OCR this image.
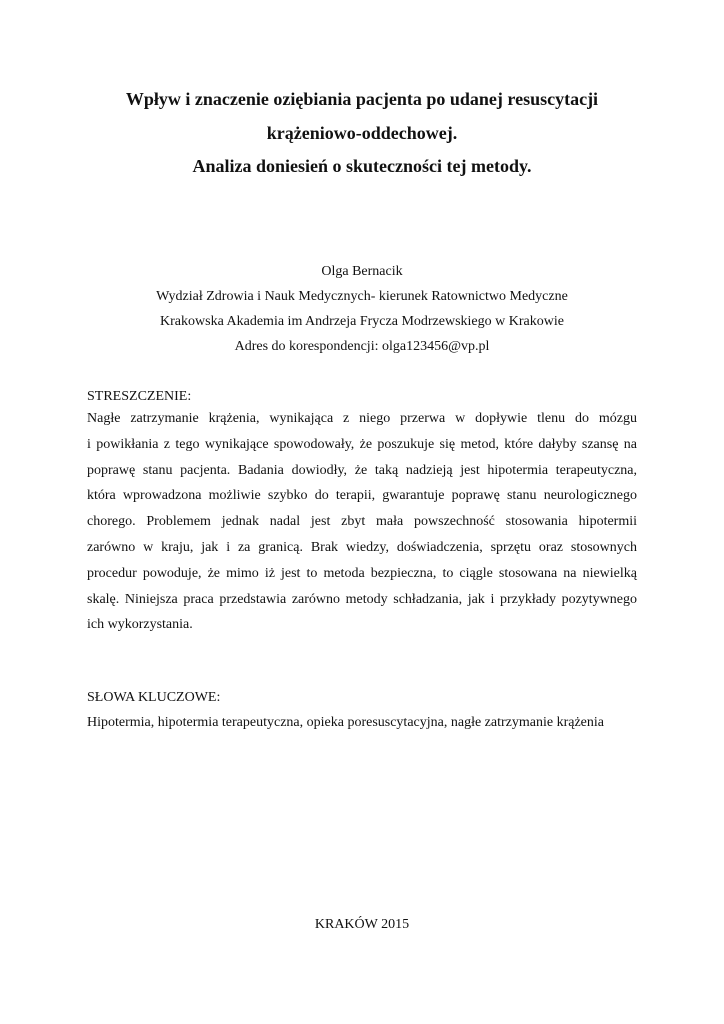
Wpływ i znaczenie oziębiania pacjenta po udanej resuscytacji
krążeniowo-oddechowej.
Analiza doniesień o skuteczności tej metody.
Olga Bernacik
Wydział Zdrowia i Nauk Medycznych- kierunek Ratownictwo Medyczne
Krakowska Akademia im Andrzeja Frycza Modrzewskiego w Krakowie
Adres do korespondencji: olga123456@vp.pl
STRESZCZENIE:
Nagłe zatrzymanie krążenia, wynikająca z niego przerwa w dopływie tlenu do mózgu
i powikłania z tego wynikające spowodowały, że poszukuje się metod, które dałyby szansę na
poprawę stanu pacjenta. Badania dowiodły, że taką nadzieją jest hipotermia terapeutyczna,
która wprowadzona możliwie szybko do terapii, gwarantuje poprawę stanu neurologicznego
chorego. Problemem jednak nadal jest zbyt mała powszechność stosowania hipotermii
zarówno w kraju, jak i za granicą. Brak wiedzy, doświadczenia, sprzętu oraz stosownych
procedur powoduje, że mimo iż jest to metoda bezpieczna, to ciągle stosowana na niewielką
skalę. Niniejsza praca przedstawia zarówno metody schładzania, jak i przykłady pozytywnego
ich wykorzystania.
SŁOWA KLUCZOWE:
Hipotermia, hipotermia terapeutyczna, opieka poresuscytacyjna, nagłe zatrzymanie krążenia
KRAKÓW 2015
